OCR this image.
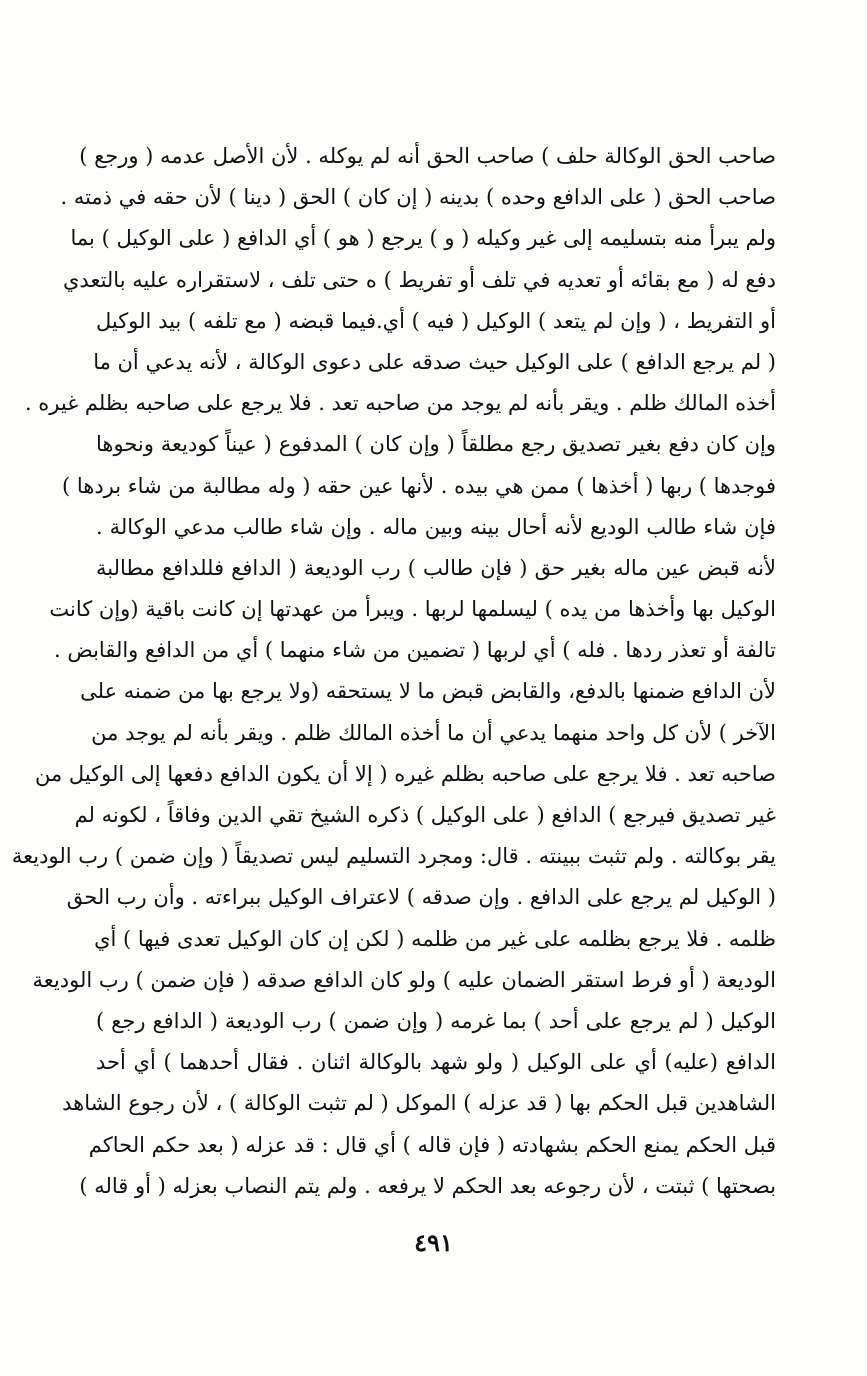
صاحب الحق الوكالة حلف ) صاحب الحق أنه لم يوكله . لأن الأصل عدمه ( ورجع )
صاحب الحق ( على الدافع وحده ) بدينه ( إن كان ) الحق ( دينا ) لأن حقه في ذمته .
ولم يبرأ منه بتسليمه إلى غير وكيله ( و ) يرجع ( هو ) أي الدافع ( على الوكيل ) بما
دفع له ( مع بقائه أو تعديه في تلف أو تفريط ) ه حتى تلف ، لاستقراره عليه بالتعدي
أو التفريط ، ( وإن لم يتعد ) الوكيل ( فيه ) أي.فيما قبضه ( مع تلفه ) بيد الوكيل
( لم يرجع الدافع ) على الوكيل حيث صدقه على دعوى الوكالة ، لأنه يدعي أن ما
أخذه المالك ظلم . ويقر بأنه لم يوجد من صاحبه تعد . فلا يرجع على صاحبه بظلم غيره .
وإن كان دفع بغير تصديق رجع مطلقاً ( وإن كان ) المدفوع ( عيناً كوديعة ونحوها
فوجدها ) ربها ( أخذها ) ممن هي بيده . لأنها عين حقه ( وله مطالبة من شاء بردها )
فإن شاء طالب الوديع لأنه أحال بينه وبين ماله . وإن شاء طالب مدعي الوكالة .
لأنه قبض عين ماله بغير حق ( فإن طالب ) رب الوديعة ( الدافع فللدافع مطالبة
الوكيل بها وأخذها من يده ) ليسلمها لربها . ويبرأ من عهدتها إن كانت باقية (وإن كانت
تالفة أو تعذر ردها . فله ) أي لربها ( تضمين من شاء منهما ) أي من الدافع والقابض .
لأن الدافع ضمنها بالدفع، والقابض قبض ما لا يستحقه (ولا يرجع بها من ضمنه على
الآخر ) لأن كل واحد منهما يدعي أن ما أخذه المالك ظلم . ويقر بأنه لم يوجد من
صاحبه تعد . فلا يرجع على صاحبه بظلم غيره ( إلا أن يكون الدافع دفعها إلى الوكيل من
غير تصديق فيرجع ) الدافع ( على الوكيل ) ذكره الشيخ تقي الدين وفاقاً ، لكونه لم
يقر بوكالته . ولم تثبت ببينته . قال: ومجرد التسليم ليس تصديقاً ( وإن ضمن ) رب الوديعة
( الوكيل لم يرجع على الدافع . وإن صدقه ) لاعتراف الوكيل ببراءته . وأن رب الحق
ظلمه . فلا يرجع بظلمه على غير من ظلمه ( لكن إن كان الوكيل تعدى فيها ) أي
الوديعة ( أو فرط استقر الضمان عليه ) ولو كان الدافع صدقه ( فإن ضمن ) رب الوديعة
الوكيل ( لم يرجع على أحد ) بما غرمه ( وإن ضمن ) رب الوديعة ( الدافع رجع )
الدافع (عليه) أي على الوكيل ( ولو شهد بالوكالة اثنان . فقال أحدهما ) أي أحد
الشاهدين قبل الحكم بها ( قد عزله ) الموكل ( لم تثبت الوكالة ) ، لأن رجوع الشاهد
قبل الحكم يمنع الحكم بشهادته ( فإن قاله ) أي قال : قد عزله ( بعد حكم الحاكم
بصحتها ) ثبتت ، لأن رجوعه بعد الحكم لا يرفعه . ولم يتم النصاب بعزله ( أو قاله )
٤٩١
